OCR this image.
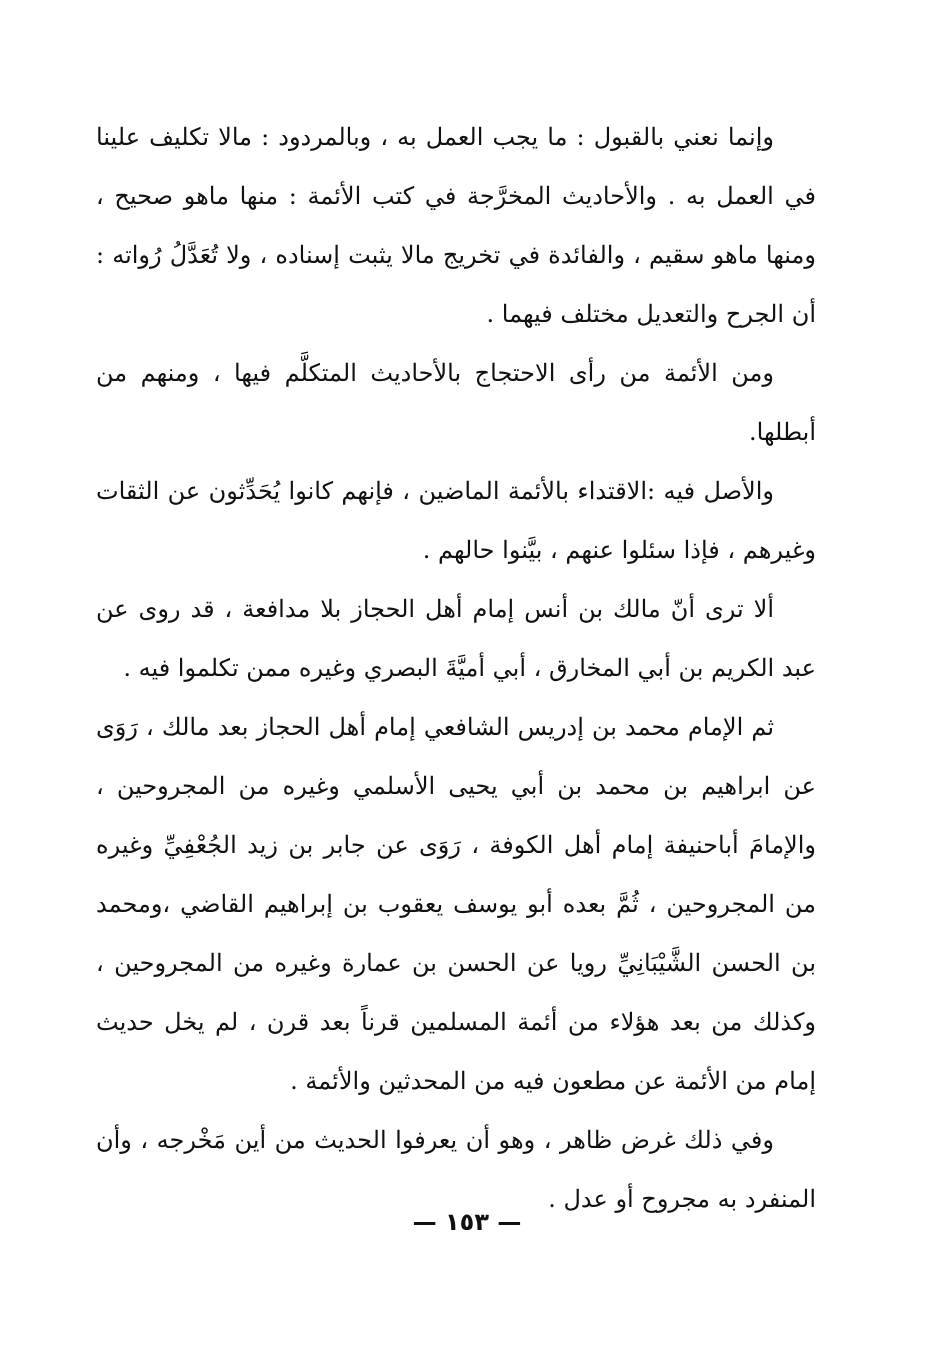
وإنما نعني بالقبول : ما يجب العمل به ، وبالمردود : مالا تكليف علينا في العمل به . والأحاديث المخرَّجة في كتب الأئمة : منها ماهو صحيح ، ومنها ماهو سقيم ، والفائدة في تخريج مالا يثبت إسناده ، ولا تُعَدَّلُ رُواته : أن الجرح والتعديل مختلف فيهما .

ومن الأئمة من رأى الاحتجاج بالأحاديث المتكلَّم فيها ، ومنهم من أبطلها.

والأصل فيه :الاقتداء بالأئمة الماضين ، فإنهم كانوا يُحَدِّثون عن الثقات وغيرهم ، فإذا سئلوا عنهم ، بيَّنوا حالهم .

ألا ترى أنّ مالك بن أنس إمام أهل الحجاز بلا مدافعة ، قد روى عن عبد الكريم بن أبي المخارق ، أبي أميَّةَ البصري وغيره ممن تكلموا فيه .

ثم الإمام محمد بن إدريس الشافعي إمام أهل الحجاز بعد مالك ، رَوَى عن ابراهيم بن محمد بن أبي يحيى الأسلمي وغيره من المجروحين ، والإمامَ أباحنيفة إمام أهل الكوفة ، رَوَى عن جابر بن زيد الجُعْفِيِّ وغيره من المجروحين ، ثُمَّ بعده أبو يوسف يعقوب بن إبراهيم القاضي ،ومحمد بن الحسن الشَّيْبَانِيِّ رويا عن الحسن بن عمارة وغيره من المجروحين ، وكذلك من بعد هؤلاء من أئمة المسلمين قرناً بعد قرن ، لم يخل حديث إمام من الأئمة عن مطعون فيه من المحدثين والأئمة .

وفي ذلك غرض ظاهر ، وهو أن يعرفوا الحديث من أين مَخْرجه ، وأن المنفرد به مجروح أو عدل .

— ١٥٣ —
